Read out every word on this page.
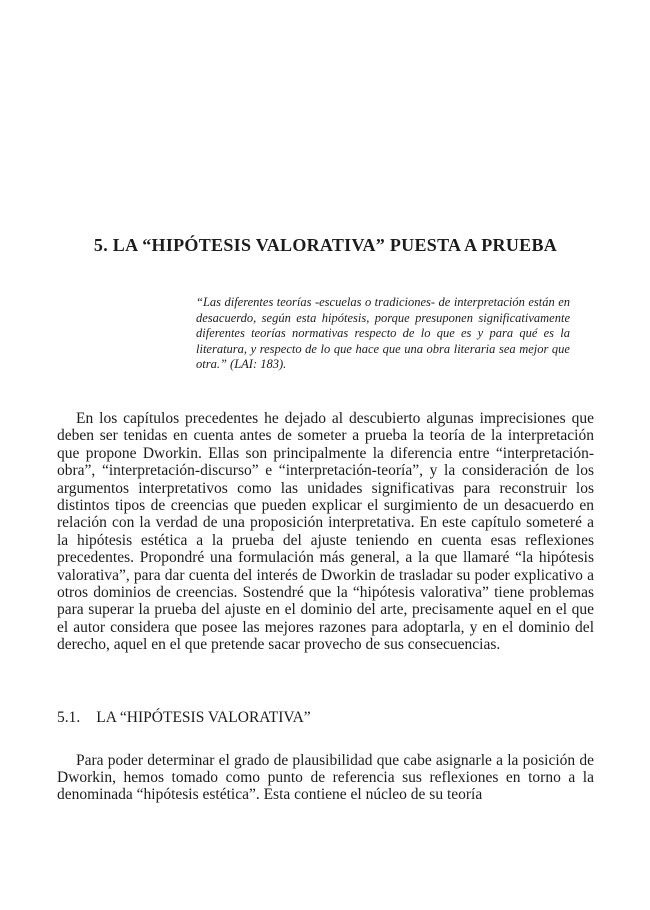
5. LA “HIPÓTESIS VALORATIVA” PUESTA A PRUEBA
“Las diferentes teorías -escuelas o tradiciones- de interpretación están en desacuerdo, según esta hipótesis, porque presuponen significativamente diferentes teorías normativas respecto de lo que es y para qué es la literatura, y respecto de lo que hace que una obra literaria sea mejor que otra.” (LAI: 183).

En los capítulos precedentes he dejado al descubierto algunas imprecisiones que deben ser tenidas en cuenta antes de someter a prueba la teoría de la interpretación que propone Dworkin. Ellas son principalmente la diferencia entre “interpretación-obra”, “interpretación-discurso” e “interpretación-teoría”, y la consideración de los argumentos interpretativos como las unidades significativas para reconstruir los distintos tipos de creencias que pueden explicar el surgimiento de un desacuerdo en relación con la verdad de una proposición interpretativa. En este capítulo someteré a la hipótesis estética a la prueba del ajuste teniendo en cuenta esas reflexiones precedentes. Propondré una formulación más general, a la que llamaré “la hipótesis valorativa”, para dar cuenta del interés de Dworkin de trasladar su poder explicativo a otros dominios de creencias. Sostendré que la “hipótesis valorativa” tiene problemas para superar la prueba del ajuste en el dominio del arte, precisamente aquel en el que el autor considera que posee las mejores razones para adoptarla, y en el dominio del derecho, aquel en el que pretende sacar provecho de sus consecuencias.

5.1. LA “HIPÓTESIS VALORATIVA”

Para poder determinar el grado de plausibilidad que cabe asignarle a la posición de Dworkin, hemos tomado como punto de referencia sus reflexiones en torno a la denominada “hipótesis estética”. Esta contiene el núcleo de su teoría
